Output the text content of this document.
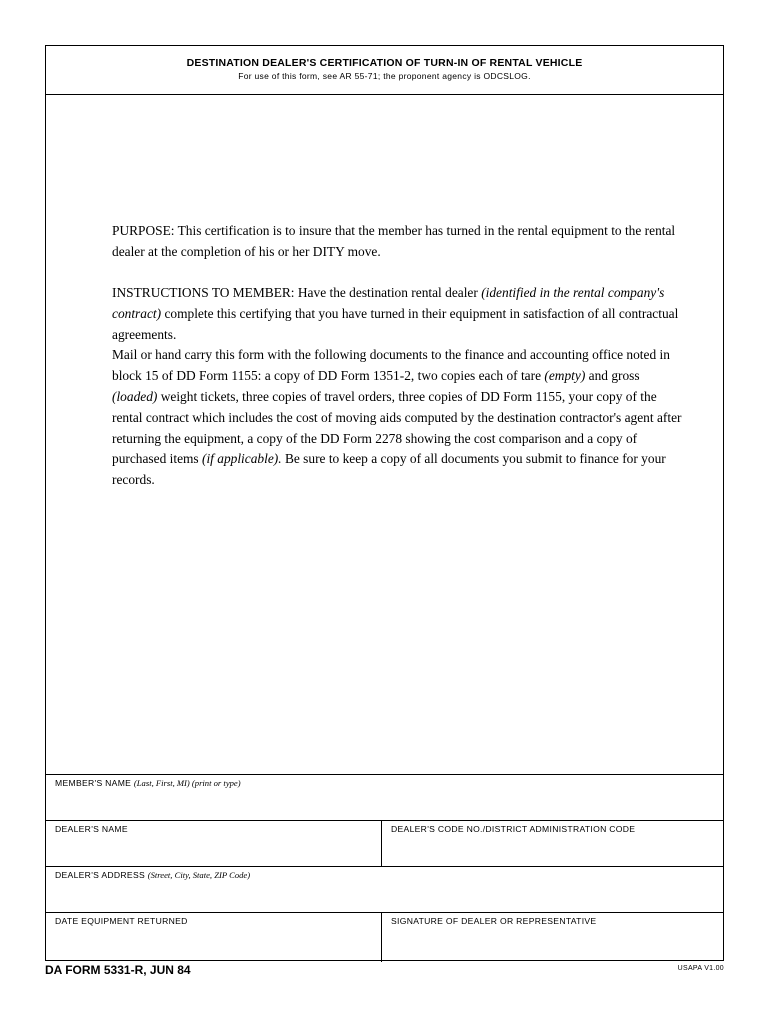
DESTINATION DEALER'S CERTIFICATION OF TURN-IN OF RENTAL VEHICLE
For use of this form, see AR 55-71; the proponent agency is ODCSLOG.

PURPOSE: This certification is to insure that the member has turned in the rental equipment to the rental dealer at the completion of his or her DITY move.

INSTRUCTIONS TO MEMBER: Have the destination rental dealer (identified in the rental company's contract) complete this certifying that you have turned in their equipment in satisfaction of all contractual agreements.

Mail or hand carry this form with the following documents to the finance and accounting office noted in block 15 of DD Form 1155: a copy of DD Form 1351-2, two copies each of tare (empty) and gross (loaded) weight tickets, three copies of travel orders, three copies of DD Form 1155, your copy of the rental contract which includes the cost of moving aids computed by the destination contractor's agent after returning the equipment, a copy of the DD Form 2278 showing the cost comparison and a copy of purchased items (if applicable). Be sure to keep a copy of all documents you submit to finance for your records.

MEMBER'S NAME (Last, First, MI) (print or type)
DEALER'S NAME	DEALER'S CODE NO./DISTRICT ADMINISTRATION CODE
DEALER'S ADDRESS (Street, City, State, ZIP Code)
DATE EQUIPMENT RETURNED	SIGNATURE OF DEALER OR REPRESENTATIVE
DA FORM 5331-R, JUN 84	USAPA V1.00
